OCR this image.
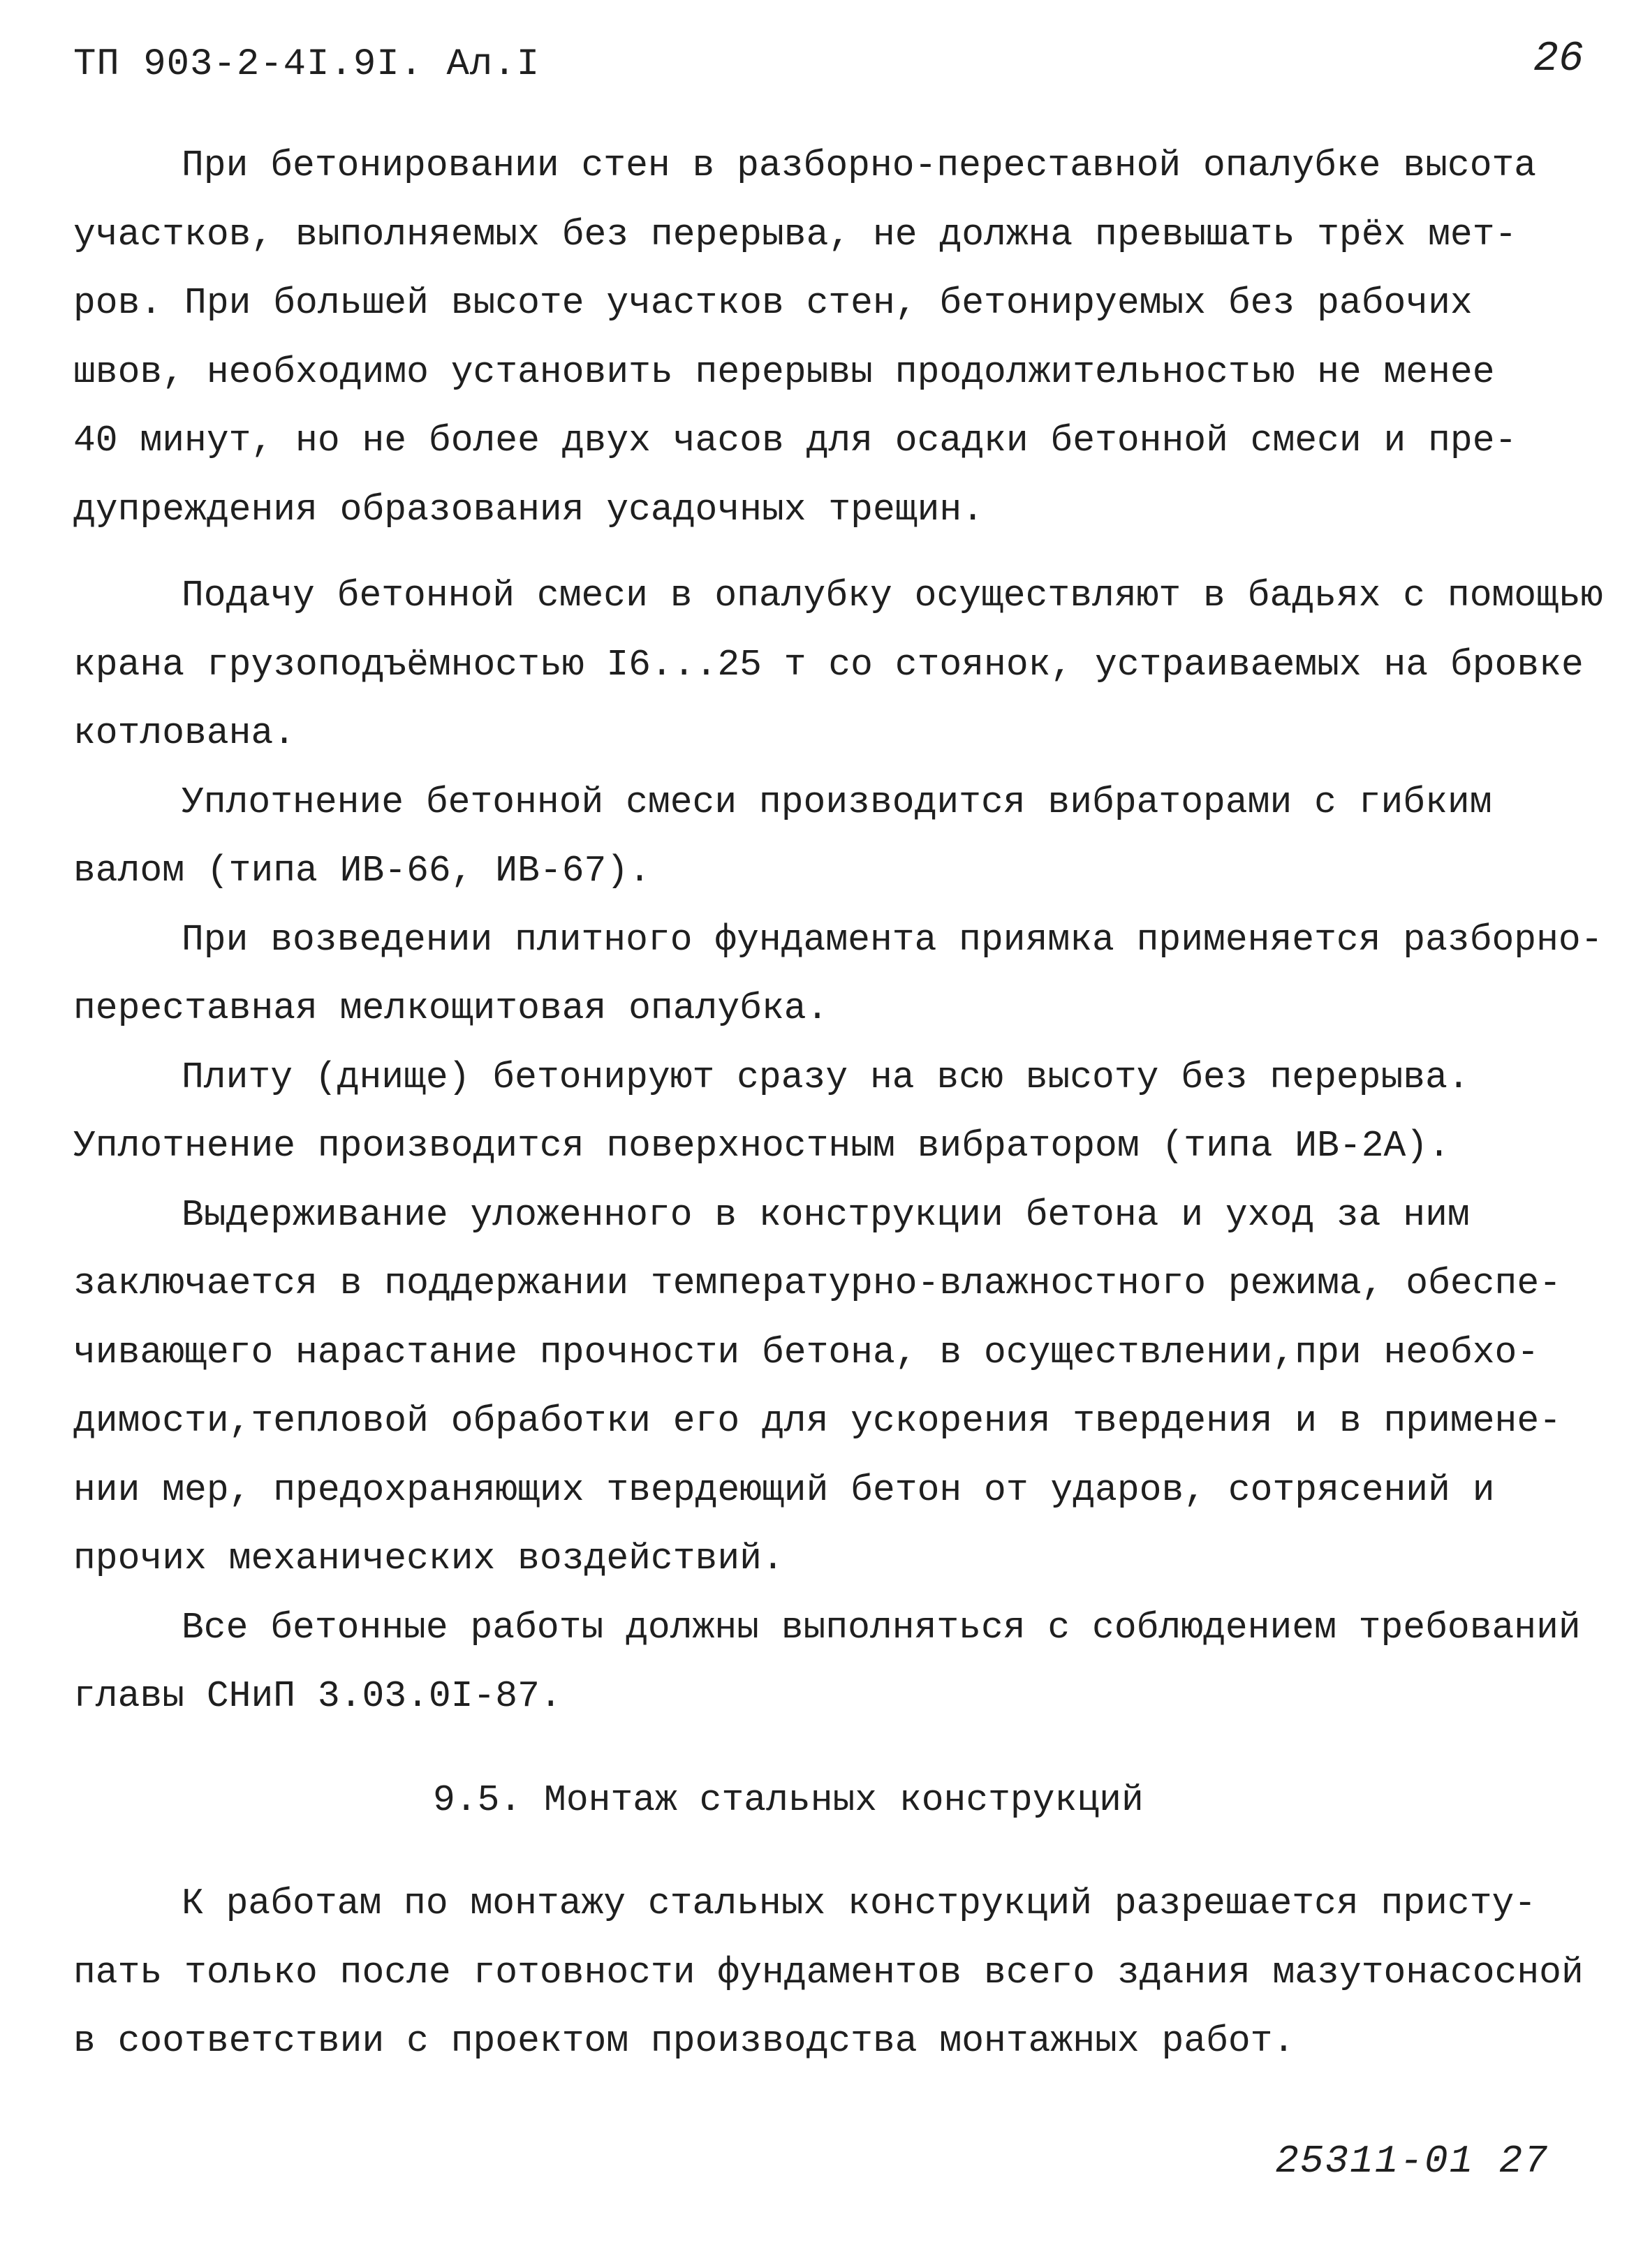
ТП 903-2-4I.9I. Ал.I	26
При бетонировании стен в разборно-переставной опалубке высота
участков, выполняемых без перерыва, не должна превышать трёх мет-
ров. При большей высоте участков стен, бетонируемых без рабочих
швов, необходимо установить перерывы продолжительностью не менее
40 минут, но не более двух часов для осадки бетонной смеси и пре-
дупреждения образования усадочных трещин.
Подачу бетонной смеси в опалубку осуществляют в бадьях с помощью
крана грузоподъёмностью I6...25 т со стоянок, устраиваемых на бровке
котлована.
Уплотнение бетонной смеси производится вибраторами с гибким
валом (типа ИВ-66, ИВ-67).
При возведении плитного фундамента приямка применяется разборно-
переставная мелкощитовая опалубка.
Плиту (днище) бетонируют сразу на всю высоту без перерыва.
Уплотнение производится поверхностным вибратором (типа ИВ-2А).
Выдерживание уложенного в конструкции бетона и уход за ним
заключается в поддержании температурно-влажностного режима, обеспе-
чивающего нарастание прочности бетона, в осуществлении,при необхо-
димости,тепловой обработки его для ускорения твердения и в примене-
нии мер, предохраняющих твердеющий бетон от ударов, сотрясений и
прочих механических воздействий.
Все бетонные работы должны выполняться с соблюдением требований
главы СНиП 3.03.0I-87.
9.5. Монтаж стальных конструкций
К работам по монтажу стальных конструкций разрешается присту-
пать только после готовности фундаментов всего здания мазутонасосной
в соответствии с проектом производства монтажных работ.
25311-01 27
